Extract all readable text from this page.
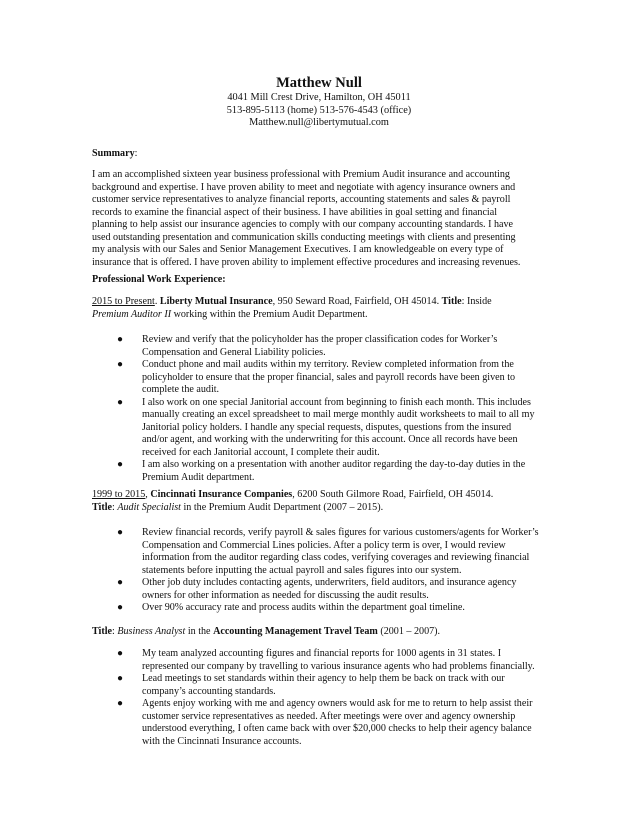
Matthew Null
4041 Mill Crest Drive, Hamilton, OH 45011
513-895-5113 (home) 513-576-4543 (office)
Matthew.null@libertymutual.com
Summary:
I am an accomplished sixteen year business professional with Premium Audit insurance and accounting
background and expertise. I have proven ability to meet and negotiate with agency insurance owners and
customer service representatives to analyze financial reports, accounting statements and sales & payroll
records to examine the financial aspect of their business. I have abilities in goal setting and financial
planning to help assist our insurance agencies to comply with our company accounting standards. I have
used outstanding presentation and communication skills conducting meetings with clients and presenting
my analysis with our Sales and Senior Management Executives. I am knowledgeable on every type of
insurance that is offered. I have proven ability to implement effective procedures and increasing revenues.
Professional Work Experience:
2015 to Present. Liberty Mutual Insurance, 950 Seward Road, Fairfield, OH 45014. Title: Inside
Premium Auditor II working within the Premium Audit Department.
● Review and verify that the policyholder has the proper classification codes for Worker’s
Compensation and General Liability policies.
● Conduct phone and mail audits within my territory. Review completed information from the
policyholder to ensure that the proper financial, sales and payroll records have been given to
complete the audit.
● I also work on one special Janitorial account from beginning to finish each month. This includes
manually creating an excel spreadsheet to mail merge monthly audit worksheets to mail to all my
Janitorial policy holders. I handle any special requests, disputes, questions from the insured
and/or agent, and working with the underwriting for this account. Once all records have been
received for each Janitorial account, I complete their audit.
● I am also working on a presentation with another auditor regarding the day-to-day duties in the
Premium Audit department.
1999 to 2015, Cincinnati Insurance Companies, 6200 South Gilmore Road, Fairfield, OH 45014.
Title: Audit Specialist in the Premium Audit Department (2007 – 2015).
● Review financial records, verify payroll & sales figures for various customers/agents for Worker’s
Compensation and Commercial Lines policies. After a policy term is over, I would review
information from the auditor regarding class codes, verifying coverages and reviewing financial
statements before inputting the actual payroll and sales figures into our system.
● Other job duty includes contacting agents, underwriters, field auditors, and insurance agency
owners for other information as needed for discussing the audit results.
● Over 90% accuracy rate and process audits within the department goal timeline.
Title: Business Analyst in the Accounting Management Travel Team (2001 – 2007).
● My team analyzed accounting figures and financial reports for 1000 agents in 31 states. I
represented our company by travelling to various insurance agents who had problems financially.
● Lead meetings to set standards within their agency to help them be back on track with our
company’s accounting standards.
● Agents enjoy working with me and agency owners would ask for me to return to help assist their
customer service representatives as needed. After meetings were over and agency ownership
understood everything, I often came back with over $20,000 checks to help their agency balance
with the Cincinnati Insurance accounts.
